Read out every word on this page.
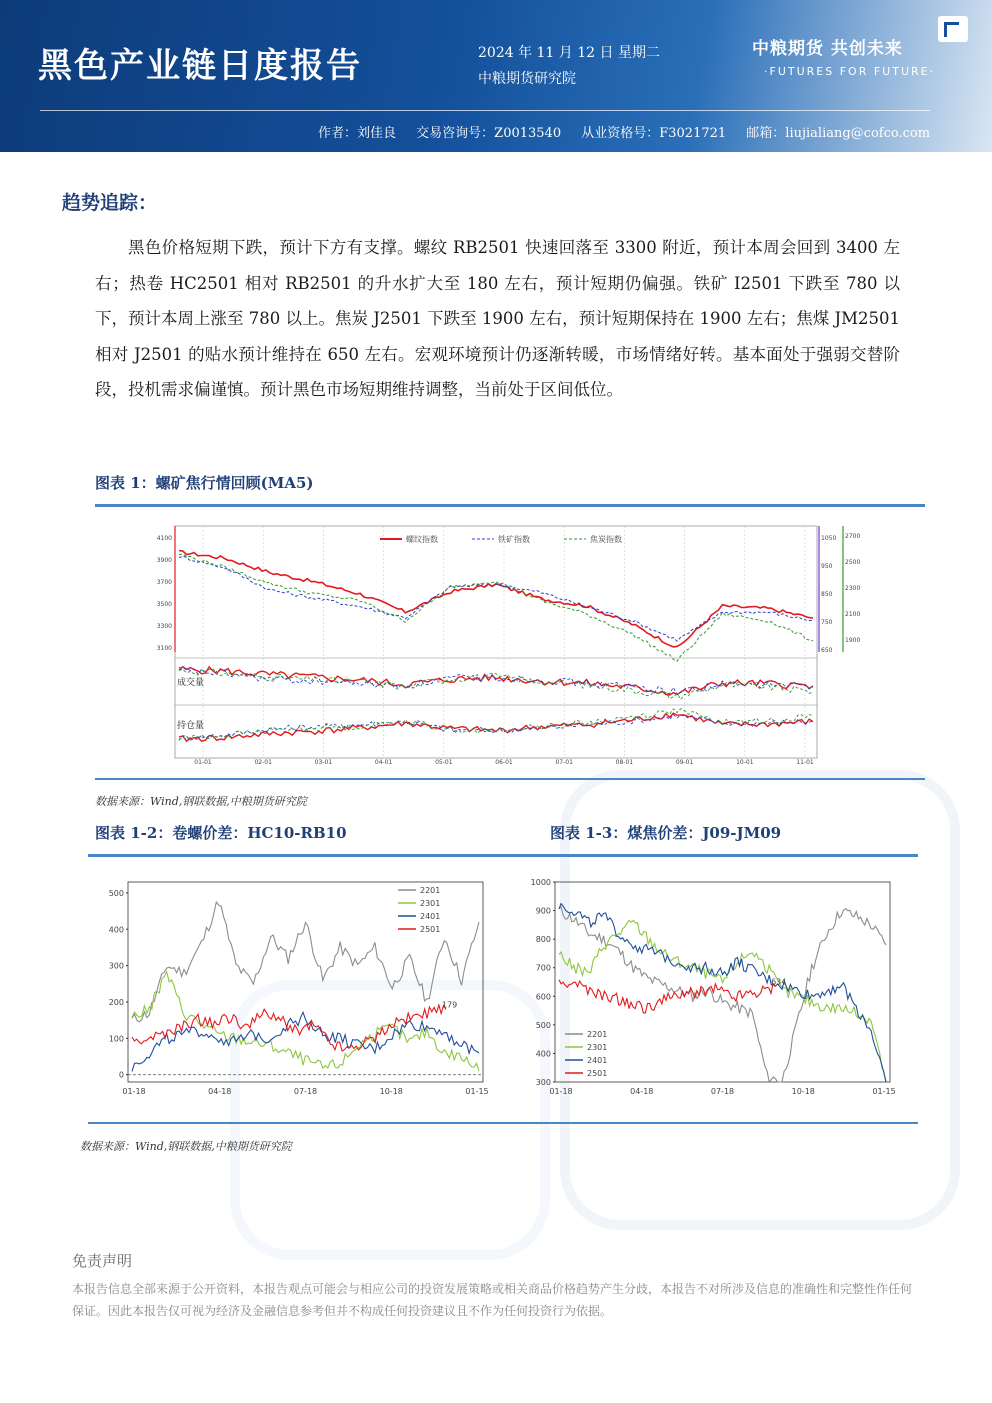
黑色产业链日度报告	2024 年 11 月 12 日 星期二
中粮期货研究院
中粮期货 共创未来
·FUTURES FOR FUTURE·
作者：刘佳良 交易咨询号：Z0013540 从业资格号：F3021721 邮箱：liujialiang@cofco.com
趋势追踪：
黑色价格短期下跌，预计下方有支撑。螺纹 RB2501 快速回落至 3300 附近，预计本周会回到 3400 左右；热卷 HC2501 相对 RB2501 的升水扩大至 180 左右，预计短期仍偏强。铁矿 I2501 下跌至 780 以下，预计本周上涨至 780 以上。焦炭 J2501 下跌至 1900 左右，预计短期保持在 1900 左右；焦煤 JM2501 相对 J2501 的贴水预计维持在 650 左右。宏观环境预计仍逐渐转暖，市场情绪好转。基本面处于强弱交替阶段，投机需求偏谨慎。预计黑色市场短期维持调整，当前处于区间低位。
图表 1：螺矿焦行情回顾(MA5)
01-01	02-01	03-01	04-01	05-01	06-01	07-01	08-01	09-01	10-01	11-01
4100
3900
3700
3500
3300
3100
1050
950
850
750
650
2700
2500
2300
2100
1900
螺纹指数	铁矿指数	焦炭指数
成交量
持仓量
数据来源：Wind,钢联数据,中粮期货研究院
图表 1-2：卷螺价差：HC10-RB10	图表 1-3：煤焦价差：J09-JM09
500
400
300
200
100
0
01-18	04-18	07-18	10-18	01-15
2201
2301
2401
2501
179
1000
900
800
700
600
500
400
300
01-18	04-18	07-18	10-18	01-15
2201
2301
2401
2501
634
数据来源：Wind,钢联数据,中粮期货研究院
免责声明
本报告信息全部来源于公开资料，本报告观点可能会与相应公司的投资发展策略或相关商品价格趋势产生分歧，本报告不对所涉及信息的准确性和完整性作任何保证。因此本报告仅可视为经济及金融信息参考但并不构成任何投资建议且不作为任何投资行为依据。
